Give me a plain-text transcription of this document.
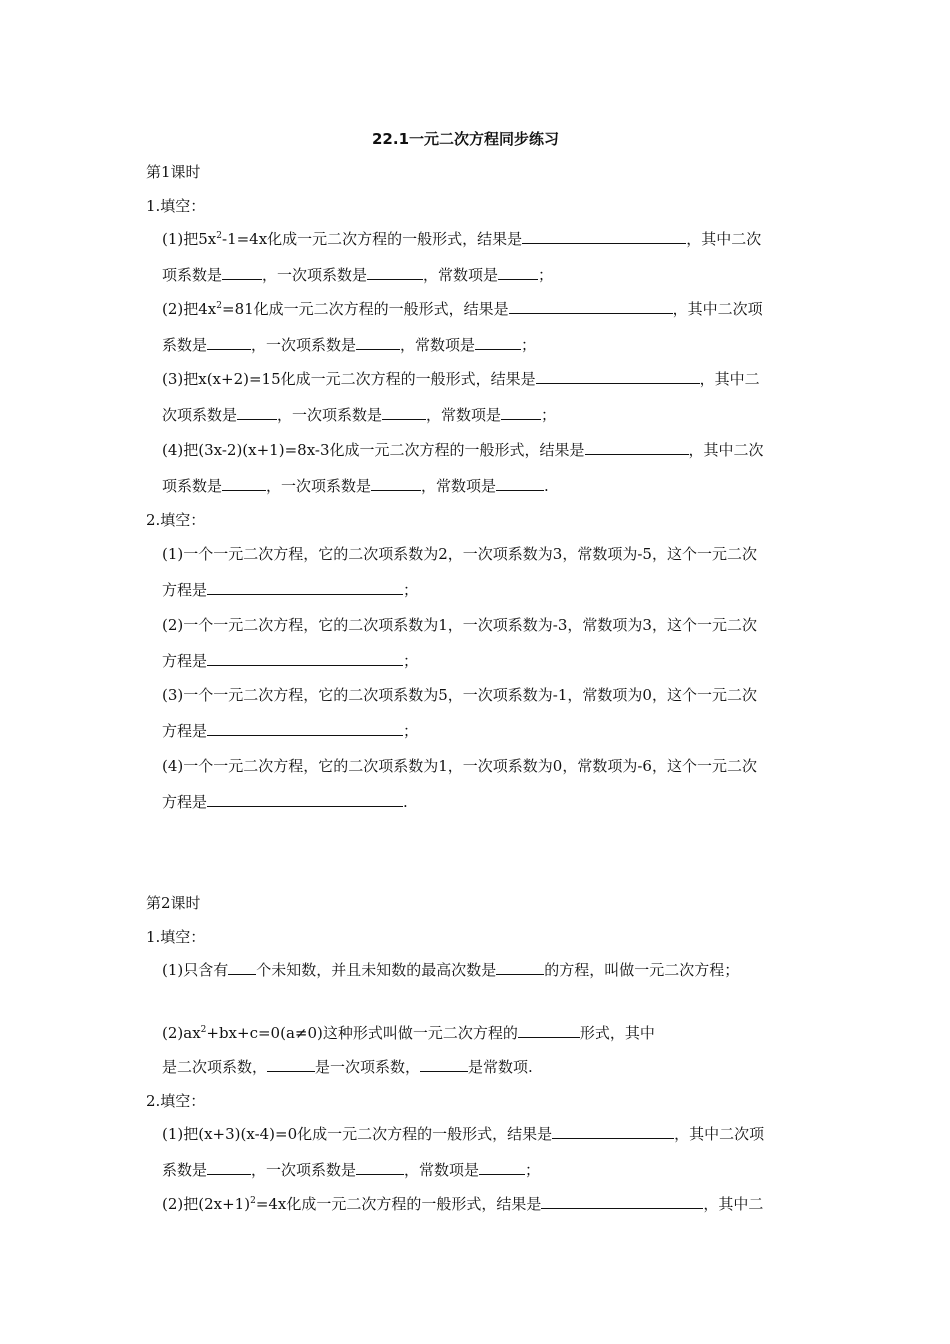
22.1一元二次方程同步练习
第1课时
1.填空：
(1)把$5x^2-1=4x$化成一元二次方程的一般形式，结果是	，其中二次
项系数是	，一次项系数是	，常数项是	；
(2)把$4x^2=81$化成一元二次方程的一般形式，结果是	，其中二次项
系数是	，一次项系数是	，常数项是	；
(3)把x(x+2)=15化成一元二次方程的一般形式，结果是	，其中二
次项系数是	，一次项系数是	，常数项是	；
(4)把(3x-2)(x+1)=8x-3化成一元二次方程的一般形式，结果是	，其中二次
项系数是	，一次项系数是	，常数项是	.
2.填空：
(1)一个一元二次方程，它的二次项系数为2，一次项系数为3，常数项为-5，这个一元二次
方程是	；
(2)一个一元二次方程，它的二次项系数为1，一次项系数为-3，常数项为3，这个一元二次
方程是	；
(3)一个一元二次方程，它的二次项系数为5，一次项系数为-1，常数项为0，这个一元二次
方程是	；
(4)一个一元二次方程，它的二次项系数为1，一次项系数为0，常数项为-6，这个一元二次
方程是	.
第2课时
1.填空：
(1)只含有 个未知数，并且未知数的最高次数是	的方程，叫做一元二次方程；
$(2)ax^2+bx+c=0(a\ne 0)$这种形式叫做一元二次方程的	形式，其中
是二次项系数，	是一次项系数，	是常数项.
2.填空：
(1)把(x+3)(x-4)=0化成一元二次方程的一般形式，结果是	，其中二次项
系数是	，一次项系数是	，常数项是	；
(2)把$(2x+1)^2=4x$化成一元二次方程的一般形式，结果是	，其中二
